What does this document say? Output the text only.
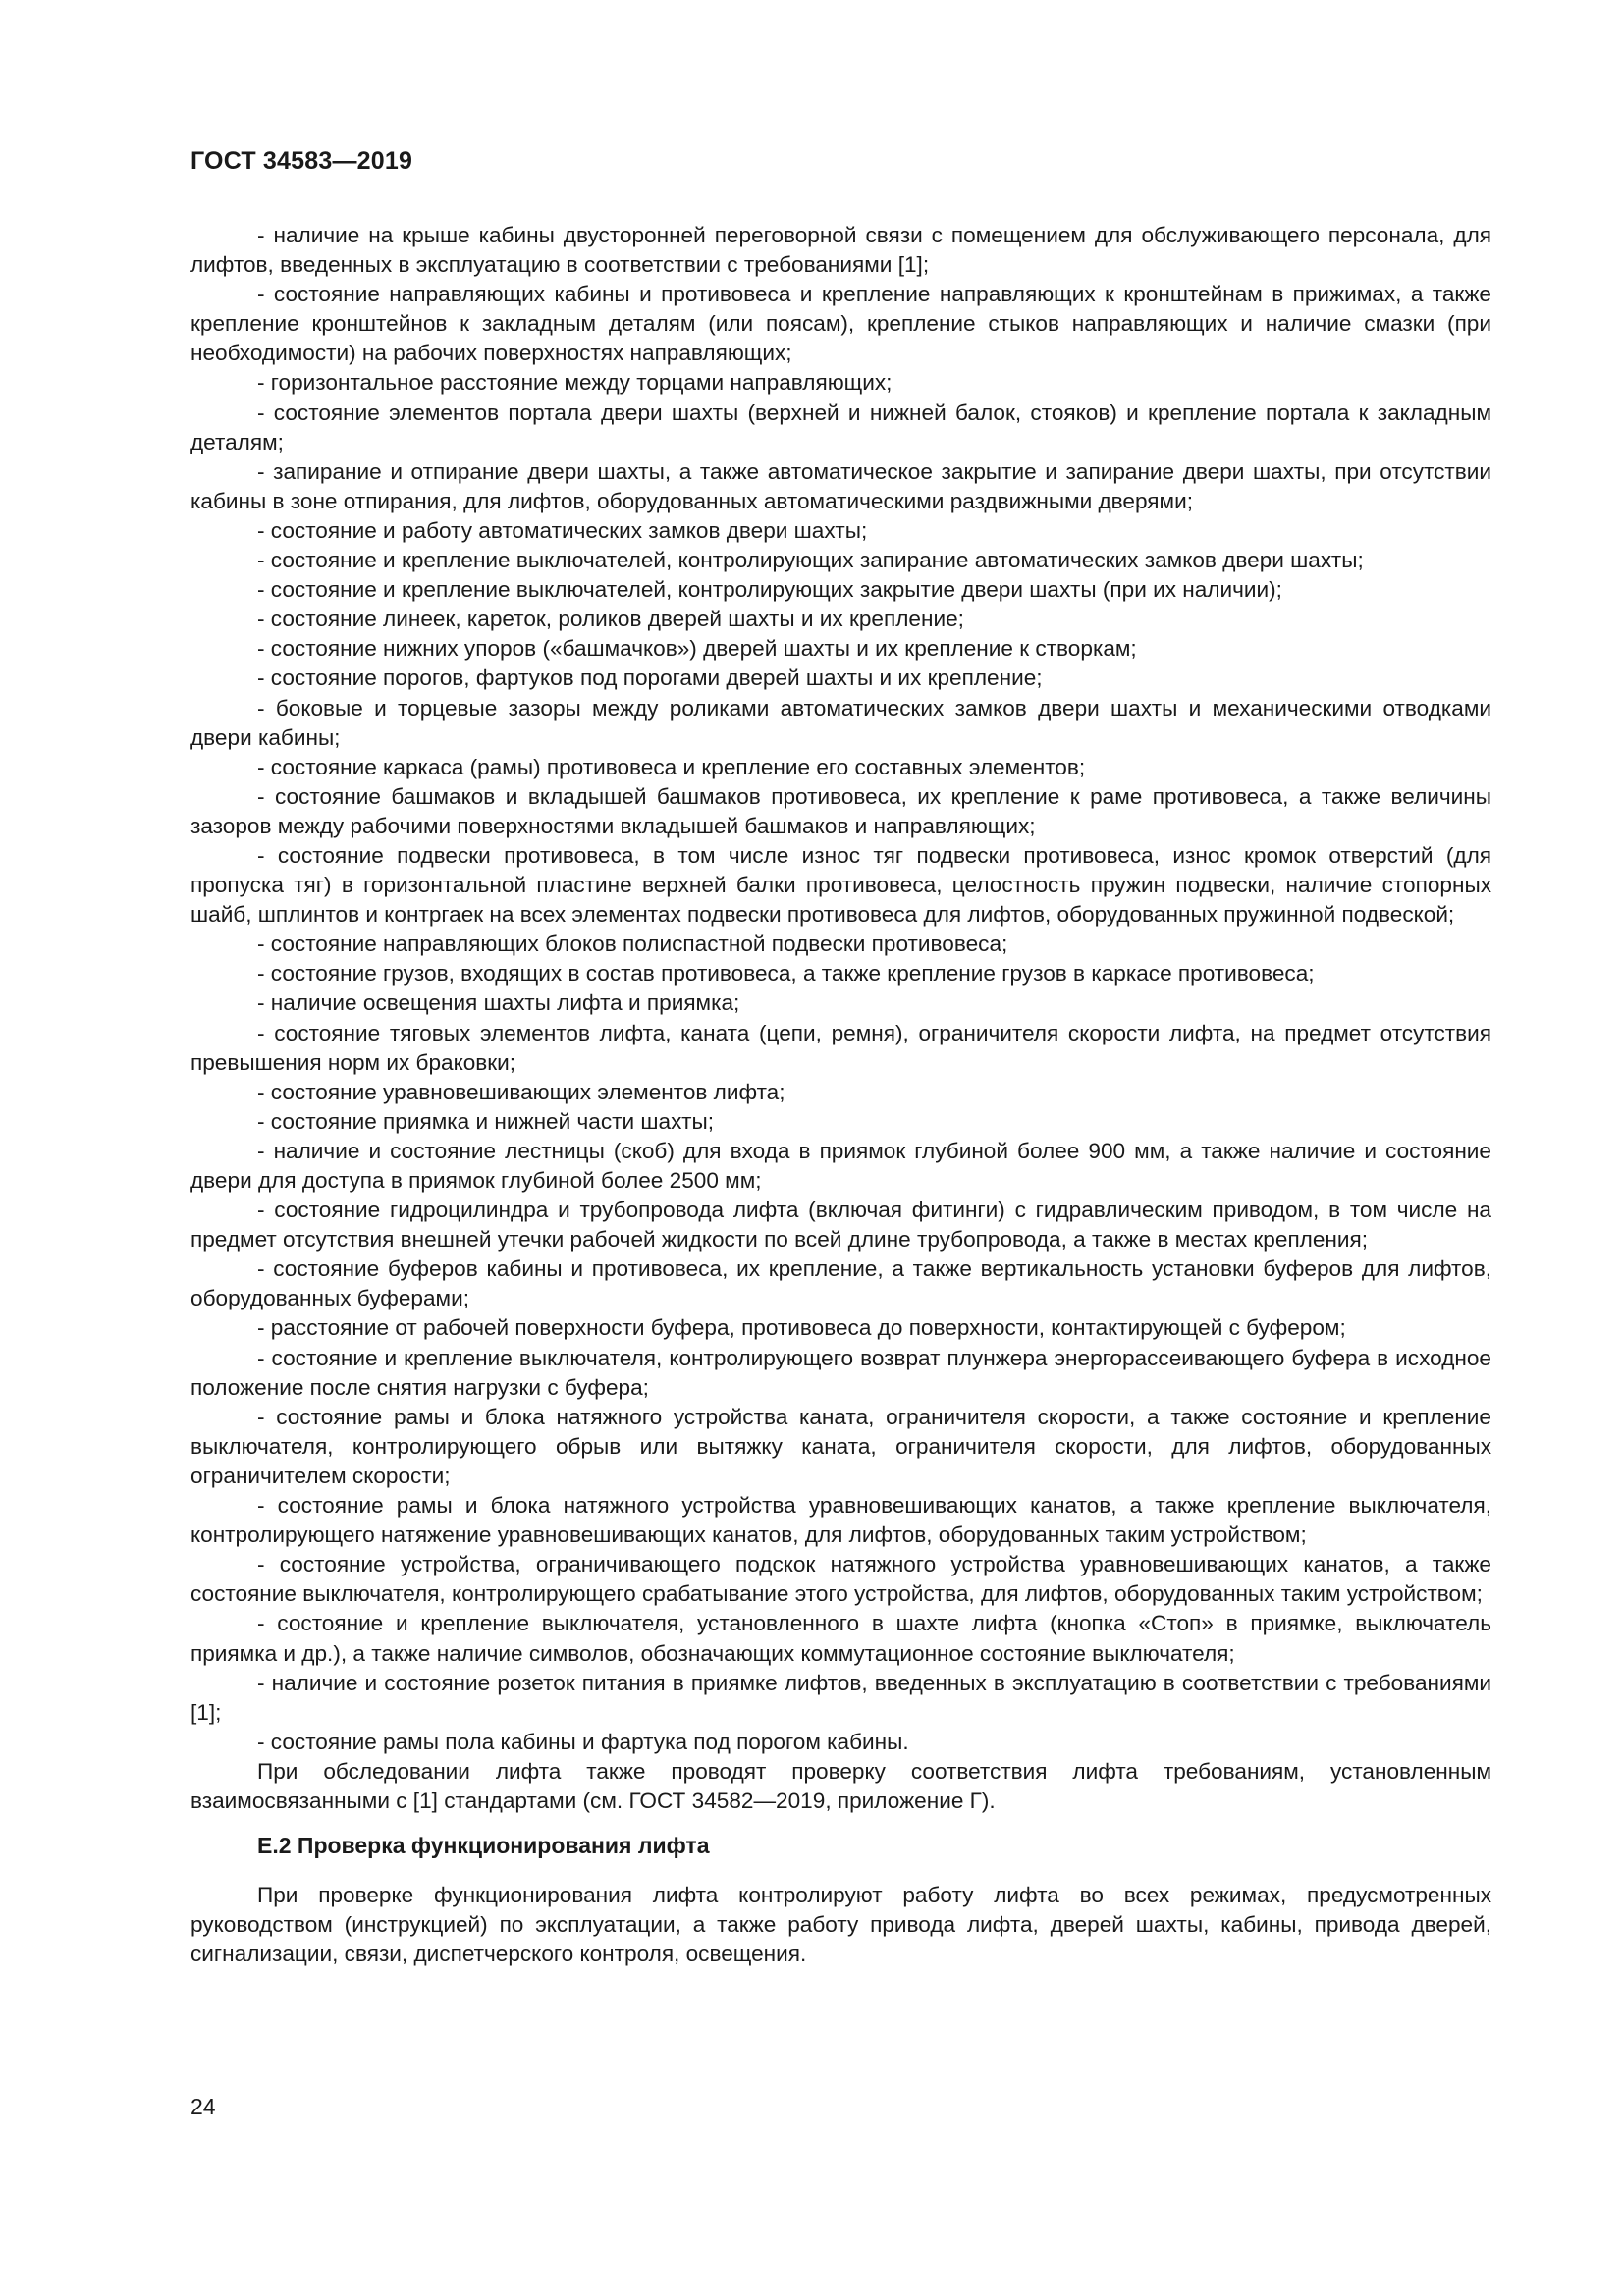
ГОСТ 34583—2019

- наличие на крыше кабины двусторонней переговорной связи с помещением для обслуживающего персонала, для лифтов, введенных в эксплуатацию в соответствии с требованиями [1];

- состояние направляющих кабины и противовеса и крепление направляющих к кронштейнам в прижимах, а также крепление кронштейнов к закладным деталям (или поясам), крепление стыков направляющих и наличие смазки (при необходимости) на рабочих поверхностях направляющих;

- горизонтальное расстояние между торцами направляющих;

- состояние элементов портала двери шахты (верхней и нижней балок, стояков) и крепление портала к закладным деталям;

- запирание и отпирание двери шахты, а также автоматическое закрытие и запирание двери шахты, при отсутствии кабины в зоне отпирания, для лифтов, оборудованных автоматическими раздвижными дверями;

- состояние и работу автоматических замков двери шахты;

- состояние и крепление выключателей, контролирующих запирание автоматических замков двери шахты;

- состояние и крепление выключателей, контролирующих закрытие двери шахты (при их наличии);

- состояние линеек, кареток, роликов дверей шахты и их крепление;

- состояние нижних упоров («башмачков») дверей шахты и их крепление к створкам;

- состояние порогов, фартуков под порогами дверей шахты и их крепление;

- боковые и торцевые зазоры между роликами автоматических замков двери шахты и механическими отводками двери кабины;

- состояние каркаса (рамы) противовеса и крепление его составных элементов;

- состояние башмаков и вкладышей башмаков противовеса, их крепление к раме противовеса, а также величины зазоров между рабочими поверхностями вкладышей башмаков и направляющих;

- состояние подвески противовеса, в том числе износ тяг подвески противовеса, износ кромок отверстий (для пропуска тяг) в горизонтальной пластине верхней балки противовеса, целостность пружин подвески, наличие стопорных шайб, шплинтов и контргаек на всех элементах подвески противовеса для лифтов, оборудованных пружинной подвеской;

- состояние направляющих блоков полиспастной подвески противовеса;

- состояние грузов, входящих в состав противовеса, а также крепление грузов в каркасе противовеса;

- наличие освещения шахты лифта и приямка;

- состояние тяговых элементов лифта, каната (цепи, ремня), ограничителя скорости лифта, на предмет отсутствия превышения норм их браковки;

- состояние уравновешивающих элементов лифта;

- состояние приямка и нижней части шахты;

- наличие и состояние лестницы (скоб) для входа в приямок глубиной более 900 мм, а также наличие и состояние двери для доступа в приямок глубиной более 2500 мм;

- состояние гидроцилиндра и трубопровода лифта (включая фитинги) с гидравлическим приводом, в том числе на предмет отсутствия внешней утечки рабочей жидкости по всей длине трубопровода, а также в местах крепления;

- состояние буферов кабины и противовеса, их крепление, а также вертикальность установки буферов для лифтов, оборудованных буферами;

- расстояние от рабочей поверхности буфера, противовеса до поверхности, контактирующей с буфером;

- состояние и крепление выключателя, контролирующего возврат плунжера энергорассеивающего буфера в исходное положение после снятия нагрузки с буфера;

- состояние рамы и блока натяжного устройства каната, ограничителя скорости, а также состояние и крепление выключателя, контролирующего обрыв или вытяжку каната, ограничителя скорости, для лифтов, оборудованных ограничителем скорости;

- состояние рамы и блока натяжного устройства уравновешивающих канатов, а также крепление выключателя, контролирующего натяжение уравновешивающих канатов, для лифтов, оборудованных таким устройством;

- состояние устройства, ограничивающего подскок натяжного устройства уравновешивающих канатов, а также состояние выключателя, контролирующего срабатывание этого устройства, для лифтов, оборудованных таким устройством;

- состояние и крепление выключателя, установленного в шахте лифта (кнопка «Стоп» в приямке, выключатель приямка и др.), а также наличие символов, обозначающих коммутационное состояние выключателя;

- наличие и состояние розеток питания в приямке лифтов, введенных в эксплуатацию в соответствии с требованиями [1];

- состояние рамы пола кабины и фартука под порогом кабины.

При обследовании лифта также проводят проверку соответствия лифта требованиям, установленным взаимосвязанными с [1] стандартами (см. ГОСТ 34582—2019, приложение Г).

Е.2 Проверка функционирования лифта

При проверке функционирования лифта контролируют работу лифта во всех режимах, предусмотренных руководством (инструкцией) по эксплуатации, а также работу привода лифта, дверей шахты, кабины, привода дверей, сигнализации, связи, диспетчерского контроля, освещения.

24
